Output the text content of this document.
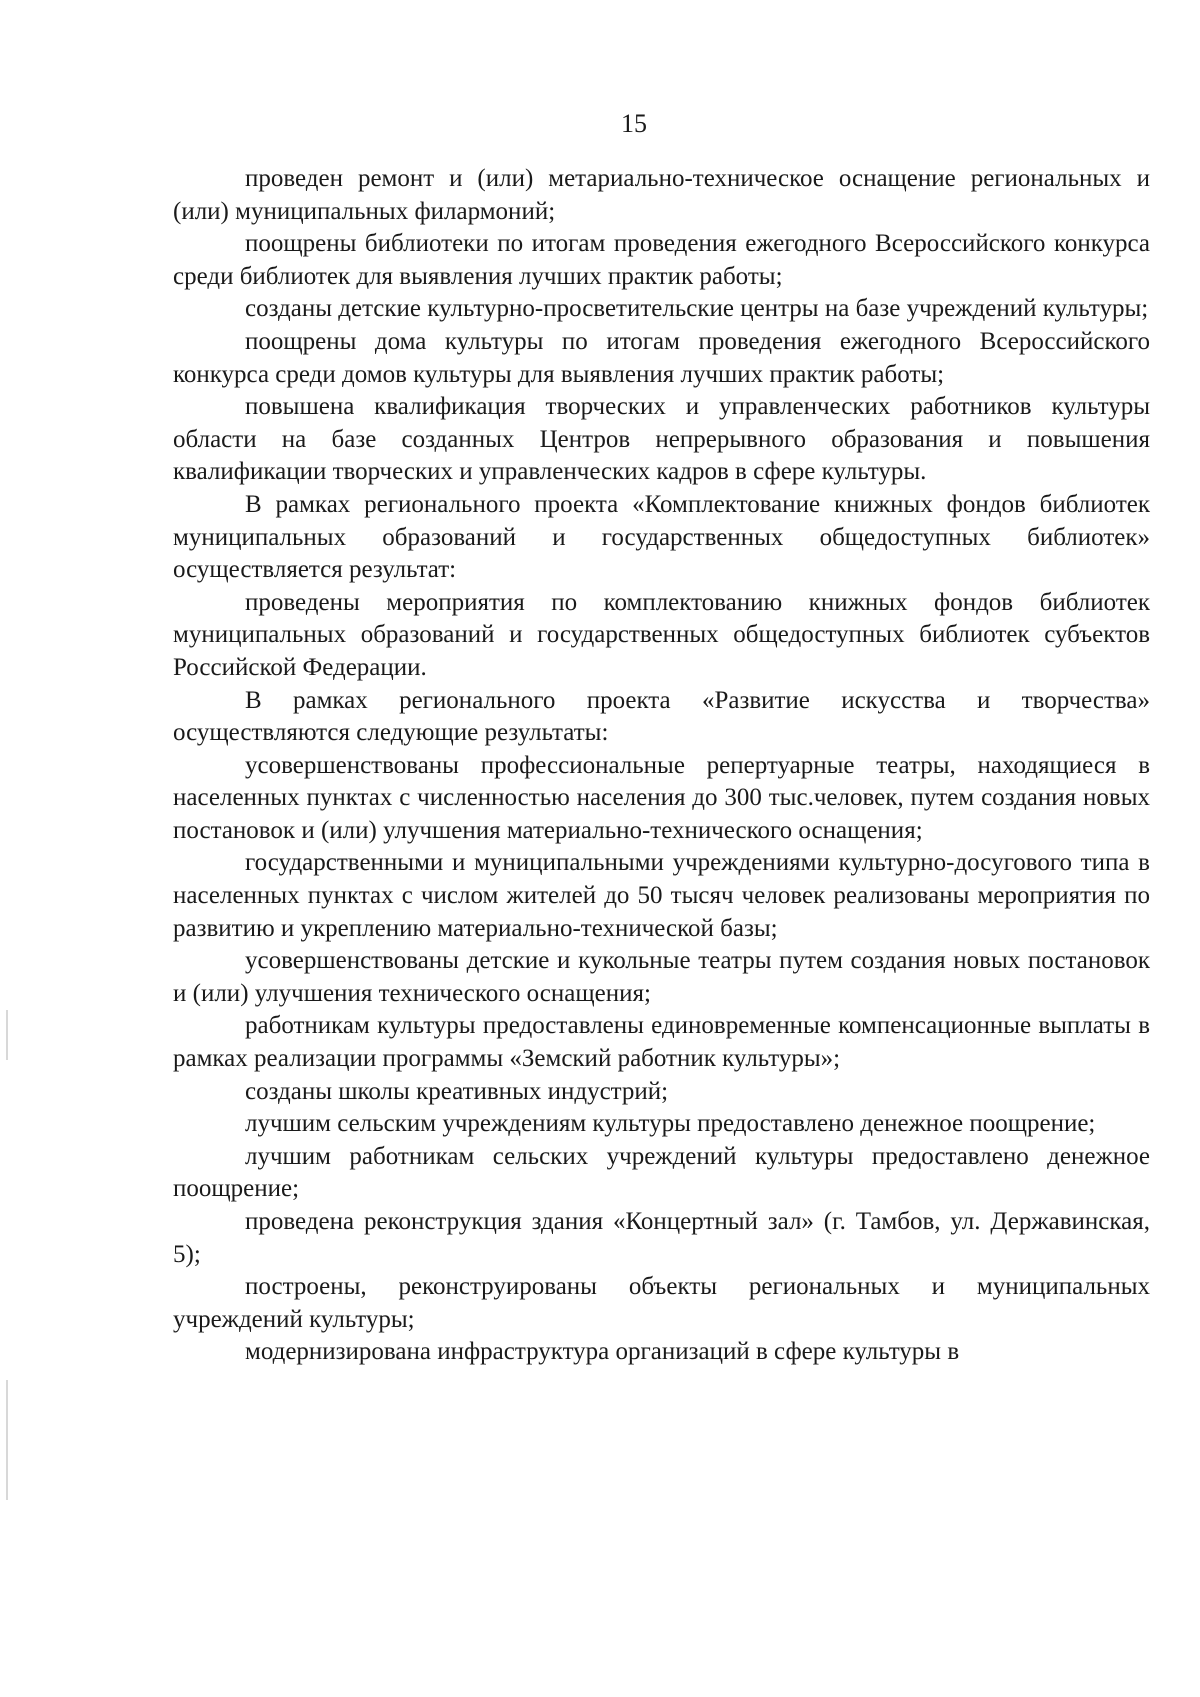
15

проведен ремонт и (или) метариально-техническое оснащение региональных и (или) муниципальных филармоний;

поощрены библиотеки по итогам проведения ежегодного Всероссийского конкурса среди библиотек для выявления лучших практик работы;

созданы детские культурно-просветительские центры на базе учреждений культуры;

поощрены дома культуры по итогам проведения ежегодного Всероссийского конкурса среди домов культуры для выявления лучших практик работы;

повышена квалификация творческих и управленческих работников культуры области на базе созданных Центров непрерывного образования и повышения квалификации творческих и управленческих кадров в сфере культуры.

В рамках регионального проекта «Комплектование книжных фондов библиотек муниципальных образований и государственных общедоступных библиотек» осуществляется результат:

проведены мероприятия по комплектованию книжных фондов библиотек муниципальных образований и государственных общедоступных библиотек субъектов Российской Федерации.

В рамках регионального проекта «Развитие искусства и творчества» осуществляются следующие результаты:

усовершенствованы профессиональные репертуарные театры, находящиеся в населенных пунктах с численностью населения до 300 тыс.человек, путем создания новых постановок и (или) улучшения материально-технического оснащения;

государственными и муниципальными учреждениями культурно-досугового типа в населенных пунктах с числом жителей до 50 тысяч человек реализованы мероприятия по развитию и укреплению материально-технической базы;

усовершенствованы детские и кукольные театры путем создания новых постановок и (или) улучшения технического оснащения;

работникам культуры предоставлены единовременные компенсационные выплаты в рамках реализации программы «Земский работник культуры»;

созданы школы креативных индустрий;

лучшим сельским учреждениям культуры предоставлено денежное поощрение;

лучшим работникам сельских учреждений культуры предоставлено денежное поощрение;

проведена реконструкция здания «Концертный зал» (г. Тамбов, ул. Державинская, 5);

построены, реконструированы объекты региональных и муниципальных учреждений культуры;

модернизирована инфраструктура организаций в сфере культуры в
